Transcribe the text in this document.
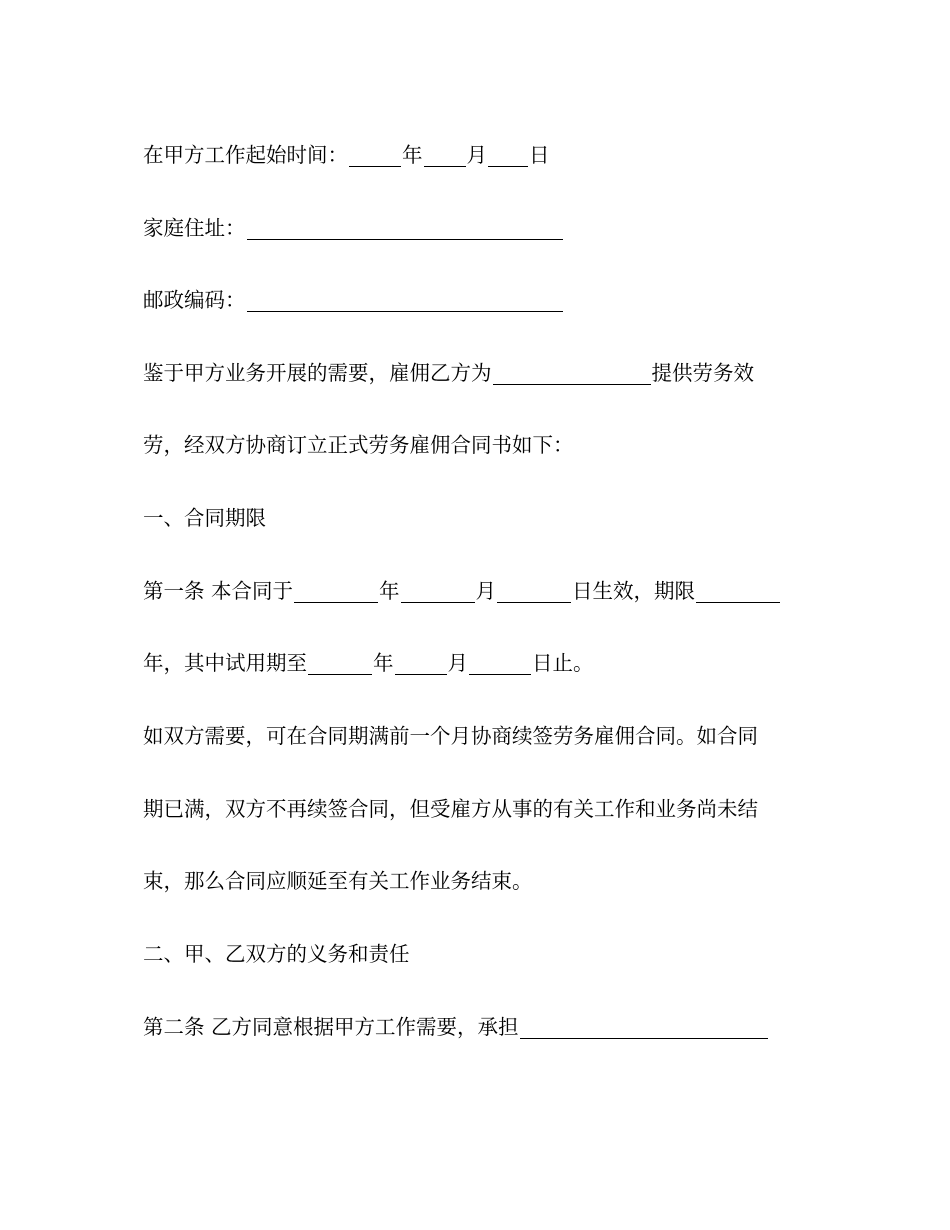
在甲方工作起始时间：	年 月 日
家庭住址：
邮政编码：
鉴于甲方业务开展的需要，雇佣乙方为	提供劳务效
劳，经双方协商订立正式劳务雇佣合同书如下：
一、合同期限
第一条 本合同于	年	月	日生效，期限
年，其中试用期至	年	月	日止。
如双方需要，可在合同期满前一个月协商续签劳务雇佣合同。如合同
期已满，双方不再续签合同，但受雇方从事的有关工作和业务尚未结
束，那么合同应顺延至有关工作业务结束。
二、甲、乙双方的义务和责任
第二条 乙方同意根据甲方工作需要，承担
